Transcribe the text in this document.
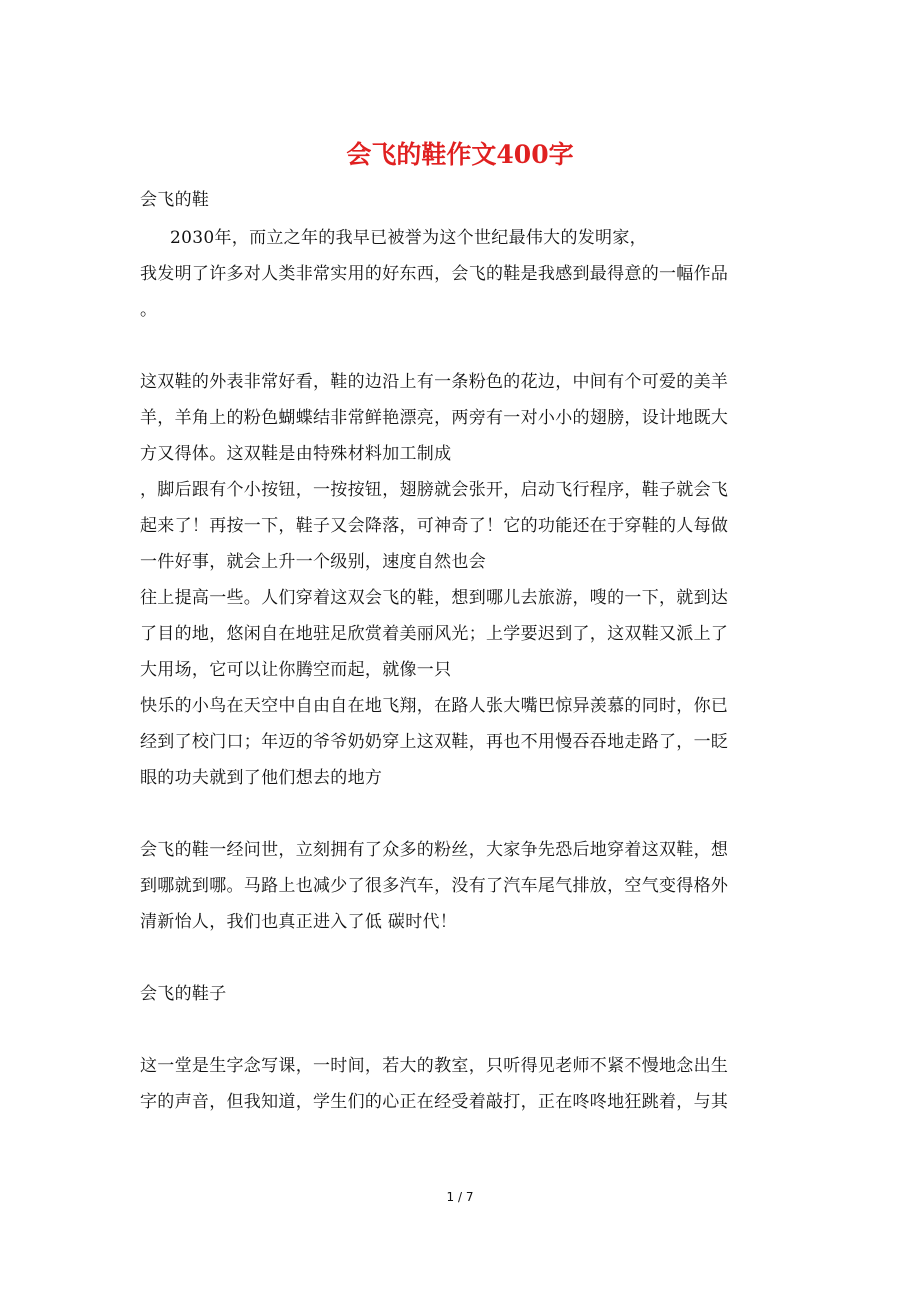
会飞的鞋作文400字
会飞的鞋
2030年，而立之年的我早已被誉为这个世纪最伟大的发明家，
我发明了许多对人类非常实用的好东西，会飞的鞋是我感到最得意的一幅作品
。
这双鞋的外表非常好看，鞋的边沿上有一条粉色的花边，中间有个可爱的美羊
羊，羊角上的粉色蝴蝶结非常鲜艳漂亮，两旁有一对小小的翅膀，设计地既大
方又得体。这双鞋是由特殊材料加工制成
，脚后跟有个小按钮，一按按钮，翅膀就会张开，启动飞行程序，鞋子就会飞
起来了！再按一下，鞋子又会降落，可神奇了！它的功能还在于穿鞋的人每做
一件好事，就会上升一个级别，速度自然也会
往上提高一些。人们穿着这双会飞的鞋，想到哪儿去旅游，嗖的一下，就到达
了目的地，悠闲自在地驻足欣赏着美丽风光；上学要迟到了，这双鞋又派上了
大用场，它可以让你腾空而起，就像一只
快乐的小鸟在天空中自由自在地飞翔，在路人张大嘴巴惊异羡慕的同时，你已
经到了校门口；年迈的爷爷奶奶穿上这双鞋，再也不用慢吞吞地走路了，一眨
眼的功夫就到了他们想去的地方
会飞的鞋一经问世，立刻拥有了众多的粉丝，大家争先恐后地穿着这双鞋，想
到哪就到哪。马路上也减少了很多汽车，没有了汽车尾气排放，空气变得格外
清新怡人，我们也真正进入了低 碳时代！
会飞的鞋子
这一堂是生字念写课，一时间，若大的教室，只听得见老师不紧不慢地念出生
字的声音，但我知道，学生们的心正在经受着敲打，正在咚咚地狂跳着，与其
1 / 7
